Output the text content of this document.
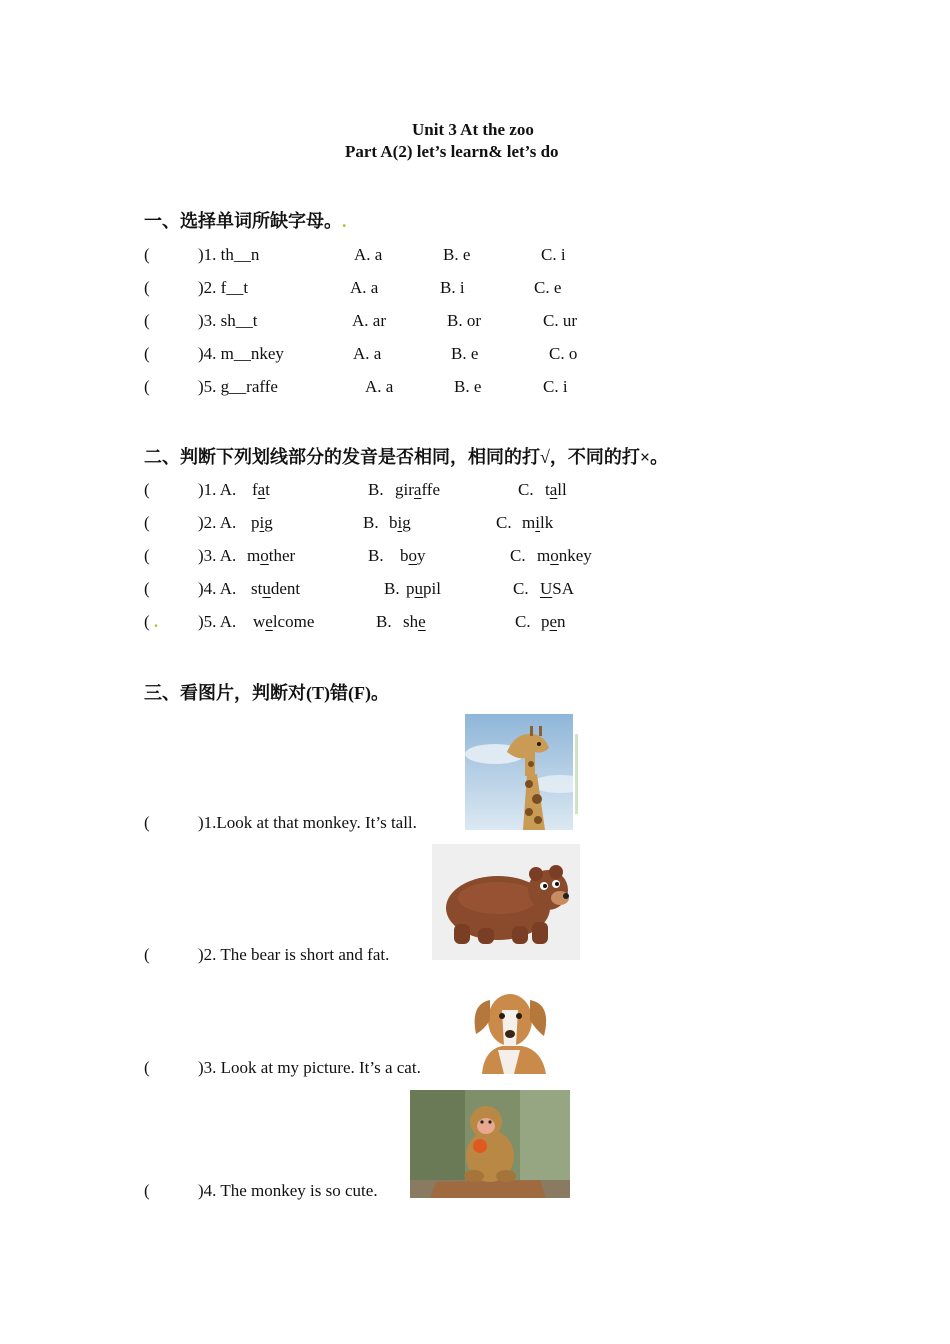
Unit 3 At the zoo
Part A(2) let’s learn& let’s do
一、选择单词所缺字母。.
(	)1. th__n	A. a	B. e	C. i
(	)2. f__t	A. a	B. i	C. e
(	)3. sh__t	A. ar	B. or	C. ur
(	)4. m__nkey	A. a	B. e	C. o
(	)5. g__raffe	A. a	B. e	C. i
二、判断下列划线部分的发音是否相同，相同的打√，不同的打×。
(	)1. A. fat	B. giraffe	C. tall
(	)2. A. pig	B. big	C. milk
(	)3. A. mother	B. boy	C. monkey
(	)4. A. student	B. pupil	C. USA
( . )5. A. welcome	B. she	C. pen
三、看图片，判断对(T)错(F)。
(	)1.Look at that monkey. It’s tall.
(	)2. The bear is short and fat.
(	)3. Look at my picture. It’s a cat.
(	)4. The monkey is so cute.
